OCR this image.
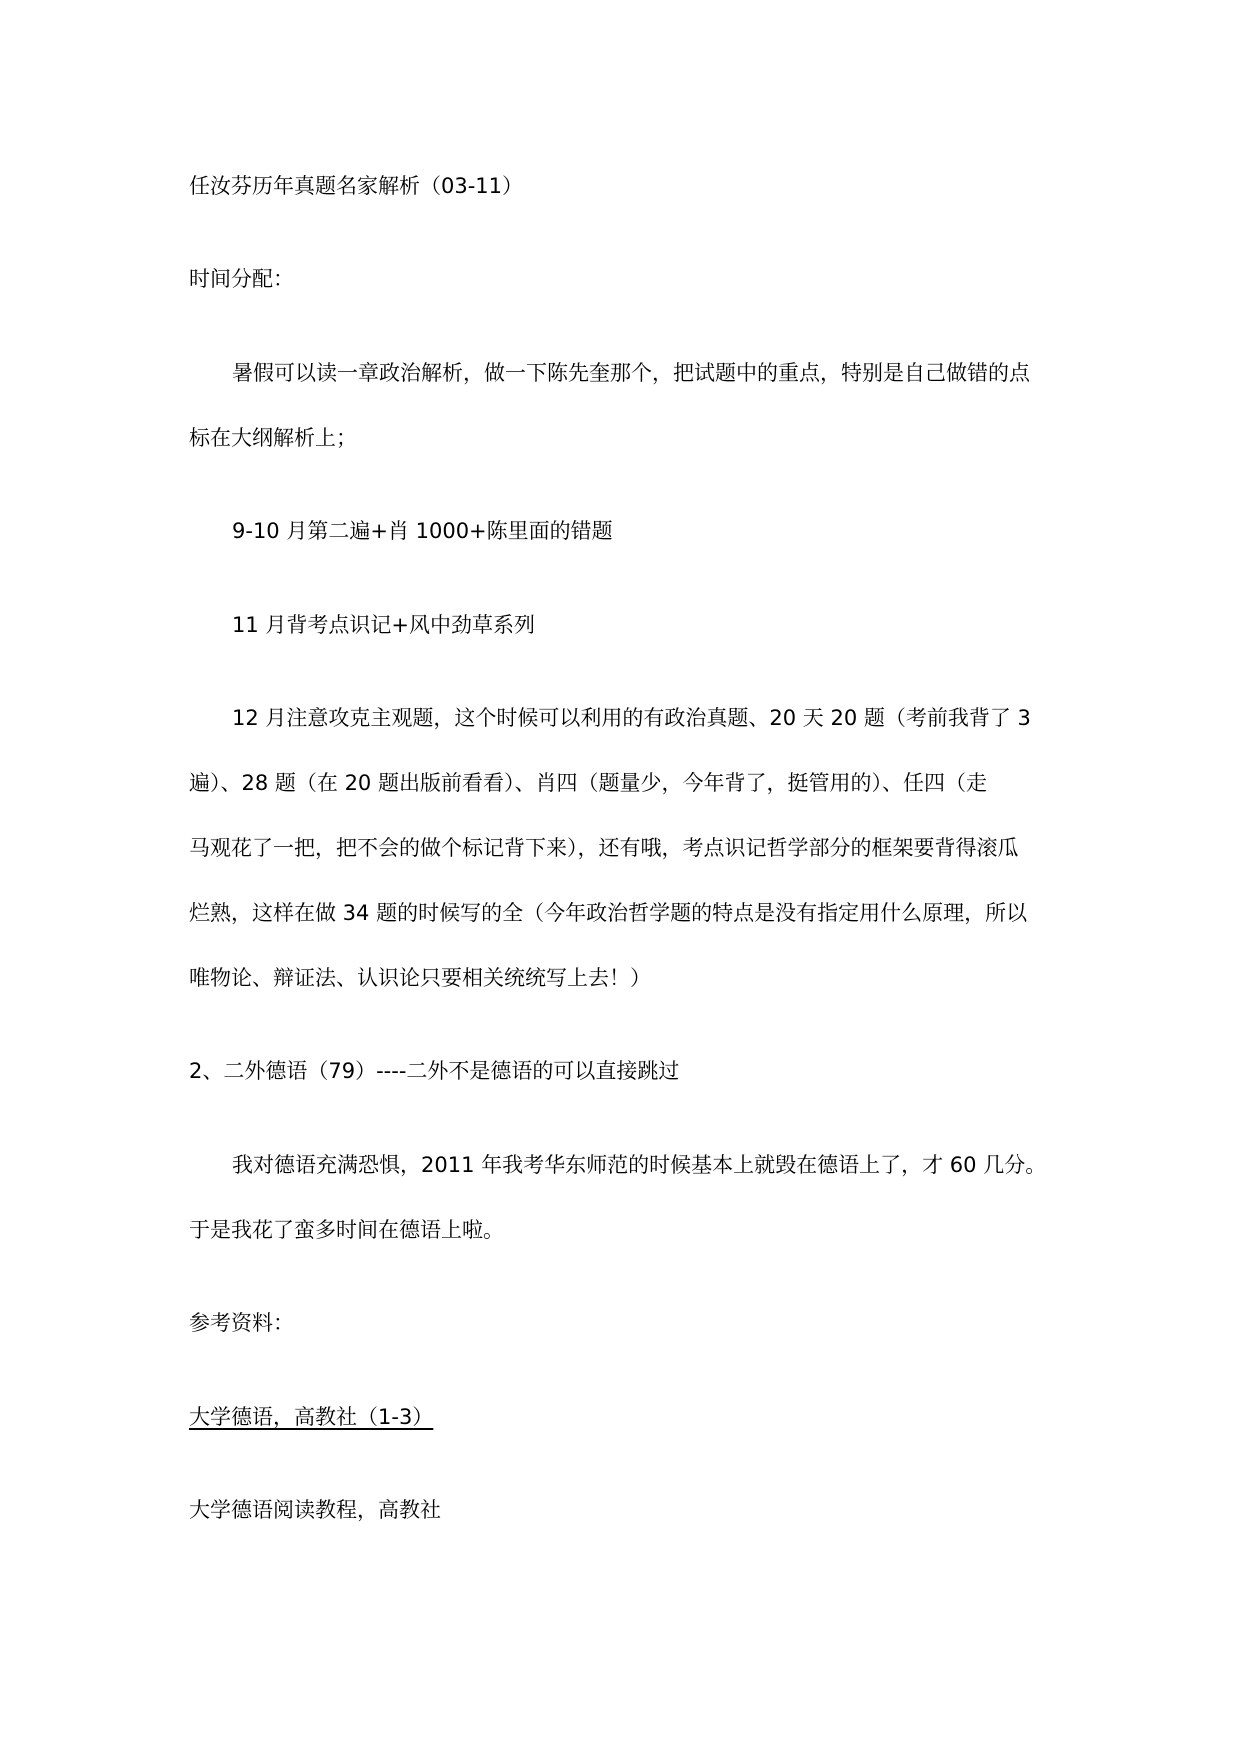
任汝芬历年真题名家解析（03-11）
时间分配：
暑假可以读一章政治解析，做一下陈先奎那个，把试题中的重点，特别是自己做错的点
标在大纲解析上；
9-10 月第二遍+肖 1000+陈里面的错题
11 月背考点识记+风中劲草系列
12 月注意攻克主观题，这个时候可以利用的有政治真题、20 天 20 题（考前我背了 3
遍）、28 题（在 20 题出版前看看）、肖四（题量少，今年背了，挺管用的）、任四（走
马观花了一把，把不会的做个标记背下来），还有哦，考点识记哲学部分的框架要背得滚瓜
烂熟，这样在做 34 题的时候写的全（今年政治哲学题的特点是没有指定用什么原理，所以
唯物论、辩证法、认识论只要相关统统写上去！）
2、二外德语（79）----二外不是德语的可以直接跳过
我对德语充满恐惧，2011 年我考华东师范的时候基本上就毁在德语上了，才 60 几分。
于是我花了蛮多时间在德语上啦。
参考资料：
大学德语，高教社（1-3）
大学德语阅读教程，高教社
